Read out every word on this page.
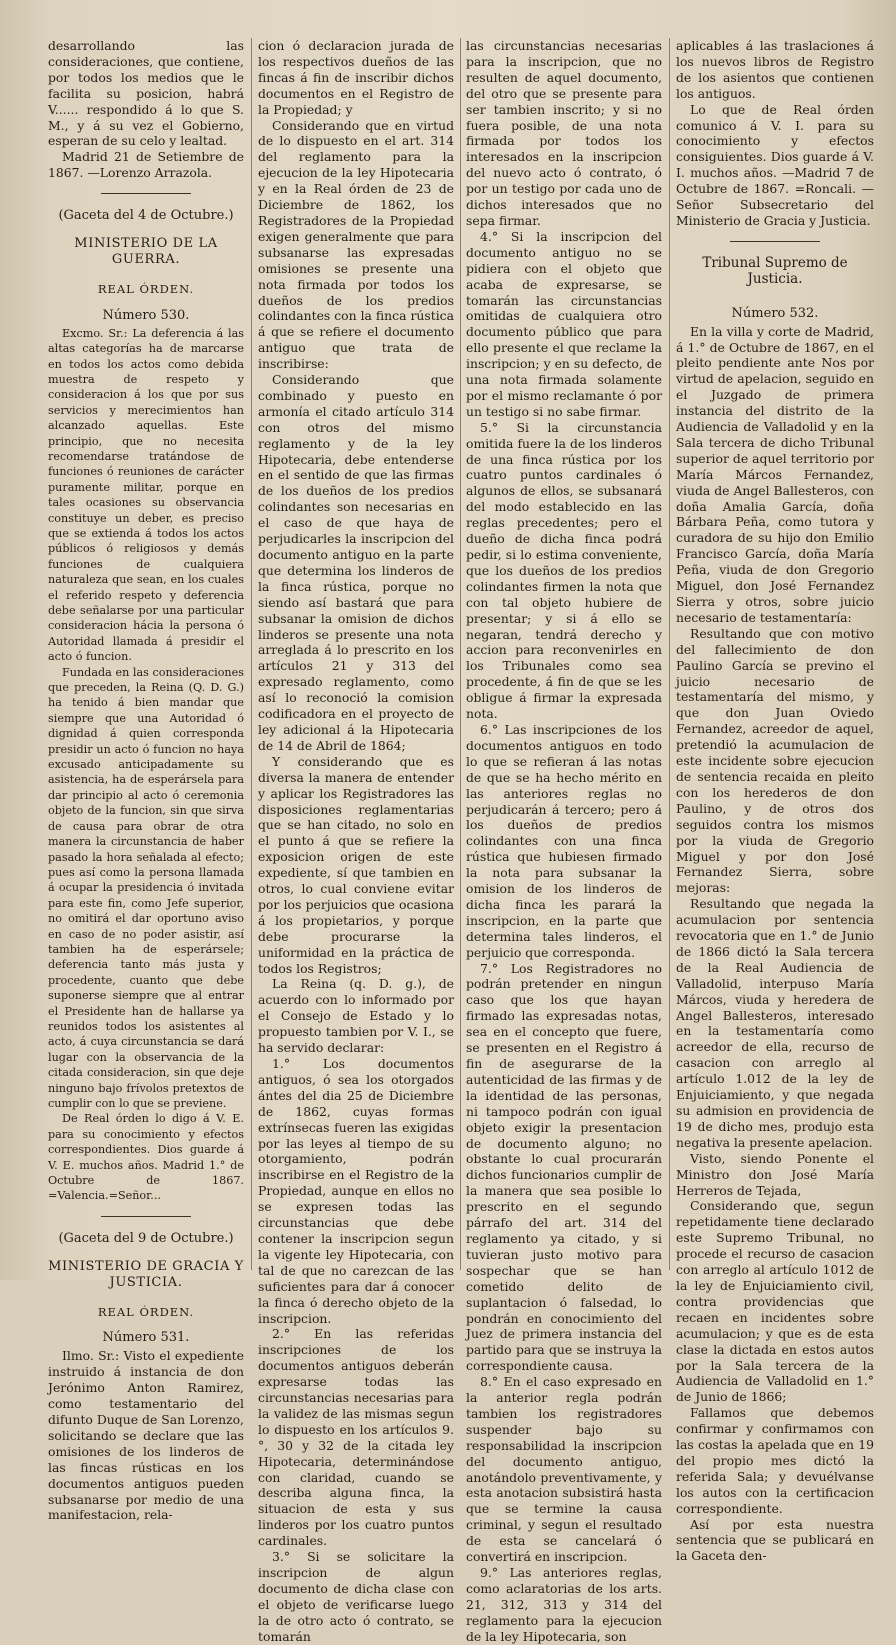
desarrollando las consideraciones, que contiene, por todos los medios que le facilita su posicion, habrá V...... respondido á lo que S. M., y á su vez el Gobierno, esperan de su celo y lealtad.

Madrid 21 de Setiembre de 1867. —Lorenzo Arrazola.

(Gaceta del 4 de Octubre.)

MINISTERIO DE LA GUERRA.

REAL ÓRDEN.

Número 530.

Excmo. Sr.: La deferencia á las altas categorías ha de marcarse en todos los actos como debida muestra de respeto y consideracion á los que por sus servicios y merecimientos han alcanzado aquellas. Este principio, que no necesita recomendarse tratándose de funciones ó reuniones de carácter puramente militar, porque en tales ocasiones su observancia constituye un deber, es preciso que se extienda á todos los actos públicos ó religiosos y demás funciones de cualquiera naturaleza que sean, en los cuales el referido respeto y deferencia debe señalarse por una particular consideracion hácia la persona ó Autoridad llamada á presidir el acto ó funcion.

Fundada en las consideraciones que preceden, la Reina (Q. D. G.) ha tenido á bien mandar que siempre que una Autoridad ó dignidad á quien corresponda presidir un acto ó funcion no haya excusado anticipadamente su asistencia, ha de esperársela para dar principio al acto ó ceremonia objeto de la funcion, sin que sirva de causa para obrar de otra manera la circunstancia de haber pasado la hora señalada al efecto; pues así como la persona llamada á ocupar la presidencia ó invitada para este fin, como Jefe superior, no omitirá el dar oportuno aviso en caso de no poder asistir, así tambien ha de esperársele; deferencia tanto más justa y procedente, cuanto que debe suponerse siempre que al entrar el Presidente han de hallarse ya reunidos todos los asistentes al acto, á cuya circunstancia se dará lugar con la observancia de la citada consideracion, sin que deje ninguno bajo frívolos pretextos de cumplir con lo que se previene.

De Real órden lo digo á V. E. para su conocimiento y efectos correspondientes. Dios guarde á V. E. muchos años. Madrid 1.° de Octubre de 1867. =Valencia.=Señor...

(Gaceta del 9 de Octubre.)

MINISTERIO DE GRACIA Y JUSTICIA.

REAL ÓRDEN.

Número 531.

Ilmo. Sr.: Visto el expediente instruido á instancia de don Jerónimo Anton Ramirez, como testamentario del difunto Duque de San Lorenzo, solicitando se declare que las omisiones de los linderos de las fincas rústicas en los documentos antiguos pueden subsanarse por medio de una manifestacion, rela-

cion ó declaracion jurada de los respectivos dueños de las fincas á fin de inscribir dichos documentos en el Registro de la Propiedad; y

Considerando que en virtud de lo dispuesto en el art. 314 del reglamento para la ejecucion de la ley Hipotecaria y en la Real órden de 23 de Diciembre de 1862, los Registradores de la Propiedad exigen generalmente que para subsanarse las expresadas omisiones se presente una nota firmada por todos los dueños de los predios colindantes con la finca rústica á que se refiere el documento antiguo que trata de inscribirse:

Considerando que combinado y puesto en armonía el citado artículo 314 con otros del mismo reglamento y de la ley Hipotecaria, debe entenderse en el sentido de que las firmas de los dueños de los predios colindantes son necesarias en el caso de que haya de perjudicarles la inscripcion del documento antiguo en la parte que determina los linderos de la finca rústica, porque no siendo así bastará que para subsanar la omision de dichos linderos se presente una nota arreglada á lo prescrito en los artículos 21 y 313 del expresado reglamento, como así lo reconoció la comision codificadora en el proyecto de ley adicional á la Hipotecaria de 14 de Abril de 1864;

Y considerando que es diversa la manera de entender y aplicar los Registradores las disposiciones reglamentarias que se han citado, no solo en el punto á que se refiere la exposicion origen de este expediente, sí que tambien en otros, lo cual conviene evitar por los perjuicios que ocasiona á los propietarios, y porque debe procurarse la uniformidad en la práctica de todos los Registros;

La Reina (q. D. g.), de acuerdo con lo informado por el Consejo de Estado y lo propuesto tambien por V. I., se ha servido declarar:

1.° Los documentos antiguos, ó sea los otorgados ántes del dia 25 de Diciembre de 1862, cuyas formas extrínsecas fueren las exigidas por las leyes al tiempo de su otorgamiento, podrán inscribirse en el Registro de la Propiedad, aunque en ellos no se expresen todas las circunstancias que debe contener la inscripcion segun la vigente ley Hipotecaria, con tal de que no carezcan de las suficientes para dar á conocer la finca ó derecho objeto de la inscripcion.

2.° En las referidas inscripciones de los documentos antiguos deberán expresarse todas las circunstancias necesarias para la validez de las mismas segun lo dispuesto en los artículos 9.°, 30 y 32 de la citada ley Hipotecaria, determinándose con claridad, cuando se describa alguna finca, la situacion de esta y sus linderos por los cuatro puntos cardinales.

3.° Si se solicitare la inscripcion de algun documento de dicha clase con el objeto de verificarse luego la de otro acto ó contrato, se tomarán

las circunstancias necesarias para la inscripcion, que no resulten de aquel documento, del otro que se presente para ser tambien inscrito; y si no fuera posible, de una nota firmada por todos los interesados en la inscripcion del nuevo acto ó contrato, ó por un testigo por cada uno de dichos interesados que no sepa firmar.

4.° Si la inscripcion del documento antiguo no se pidiera con el objeto que acaba de expresarse, se tomarán las circunstancias omitidas de cualquiera otro documento público que para ello presente el que reclame la inscripcion; y en su defecto, de una nota firmada solamente por el mismo reclamante ó por un testigo si no sabe firmar.

5.° Si la circunstancia omitida fuere la de los linderos de una finca rústica por los cuatro puntos cardinales ó algunos de ellos, se subsanará del modo establecido en las reglas precedentes; pero el dueño de dicha finca podrá pedir, si lo estima conveniente, que los dueños de los predios colindantes firmen la nota que con tal objeto hubiere de presentar; y si á ello se negaran, tendrá derecho y accion para reconvenirles en los Tribunales como sea procedente, á fin de que se les obligue á firmar la expresada nota.

6.° Las inscripciones de los documentos antiguos en todo lo que se refieran á las notas de que se ha hecho mérito en las anteriores reglas no perjudicarán á tercero; pero á los dueños de predios colindantes con una finca rústica que hubiesen firmado la nota para subsanar la omision de los linderos de dicha finca les parará la inscripcion, en la parte que determina tales linderos, el perjuicio que corresponda.

7.° Los Registradores no podrán pretender en ningun caso que los que hayan firmado las expresadas notas, sea en el concepto que fuere, se presenten en el Registro á fin de asegurarse de la autenticidad de las firmas y de la identidad de las personas, ni tampoco podrán con igual objeto exigir la presentacion de documento alguno; no obstante lo cual procurarán dichos funcionarios cumplir de la manera que sea posible lo prescrito en el segundo párrafo del art. 314 del reglamento ya citado, y si tuvieran justo motivo para sospechar que se han cometido delito de suplantacion ó falsedad, lo pondrán en conocimiento del Juez de primera instancia del partido para que se instruya la correspondiente causa.

8.° En el caso expresado en la anterior regla podrán tambien los registradores suspender bajo su responsabilidad la inscripcion del documento antiguo, anotándolo preventivamente, y esta anotacion subsistirá hasta que se termine la causa criminal, y segun el resultado de esta se cancelará ó convertirá en inscripcion.

9.° Las anteriores reglas, como aclaratorias de los arts. 21, 312, 313 y 314 del reglamento para la ejecucion de la ley Hipotecaria, son

aplicables á las traslaciones á los nuevos libros de Registro de los asientos que contienen los antiguos.

Lo que de Real órden comunico á V. I. para su conocimiento y efectos consiguientes. Dios guarde á V. I. muchos años. —Madrid 7 de Octubre de 1867. =Roncali. —Señor Subsecretario del Ministerio de Gracia y Justicia.

Tribunal Supremo de Justicia.

Número 532.

En la villa y corte de Madrid, á 1.° de Octubre de 1867, en el pleito pendiente ante Nos por virtud de apelacion, seguido en el Juzgado de primera instancia del distrito de la Audiencia de Valladolid y en la Sala tercera de dicho Tribunal superior de aquel territorio por María Márcos Fernandez, viuda de Angel Ballesteros, con doña Amalia García, doña Bárbara Peña, como tutora y curadora de su hijo don Emilio Francisco García, doña María Peña, viuda de don Gregorio Miguel, don José Fernandez Sierra y otros, sobre juicio necesario de testamentaría:

Resultando que con motivo del fallecimiento de don Paulino García se previno el juicio necesario de testamentaría del mismo, y que don Juan Oviedo Fernandez, acreedor de aquel, pretendió la acumulacion de este incidente sobre ejecucion de sentencia recaida en pleito con los herederos de don Paulino, y de otros dos seguidos contra los mismos por la viuda de Gregorio Miguel y por don José Fernandez Sierra, sobre mejoras:

Resultando que negada la acumulacion por sentencia revocatoria que en 1.° de Junio de 1866 dictó la Sala tercera de la Real Audiencia de Valladolid, interpuso María Márcos, viuda y heredera de Angel Ballesteros, interesado en la testamentaría como acreedor de ella, recurso de casacion con arreglo al artículo 1.012 de la ley de Enjuiciamiento, y que negada su admision en providencia de 19 de dicho mes, produjo esta negativa la presente apelacion.

Visto, siendo Ponente el Ministro don José María Herreros de Tejada,

Considerando que, segun repetidamente tiene declarado este Supremo Tribunal, no procede el recurso de casacion con arreglo al artículo 1012 de la ley de Enjuiciamiento civil, contra providencias que recaen en incidentes sobre acumulacion; y que es de esta clase la dictada en estos autos por la Sala tercera de la Audiencia de Valladolid en 1.° de Junio de 1866;

Fallamos que debemos confirmar y confirmamos con las costas la apelada que en 19 del propio mes dictó la referida Sala; y devuélvanse los autos con la certificacion correspondiente.

Así por esta nuestra sentencia que se publicará en la Gaceta den-
